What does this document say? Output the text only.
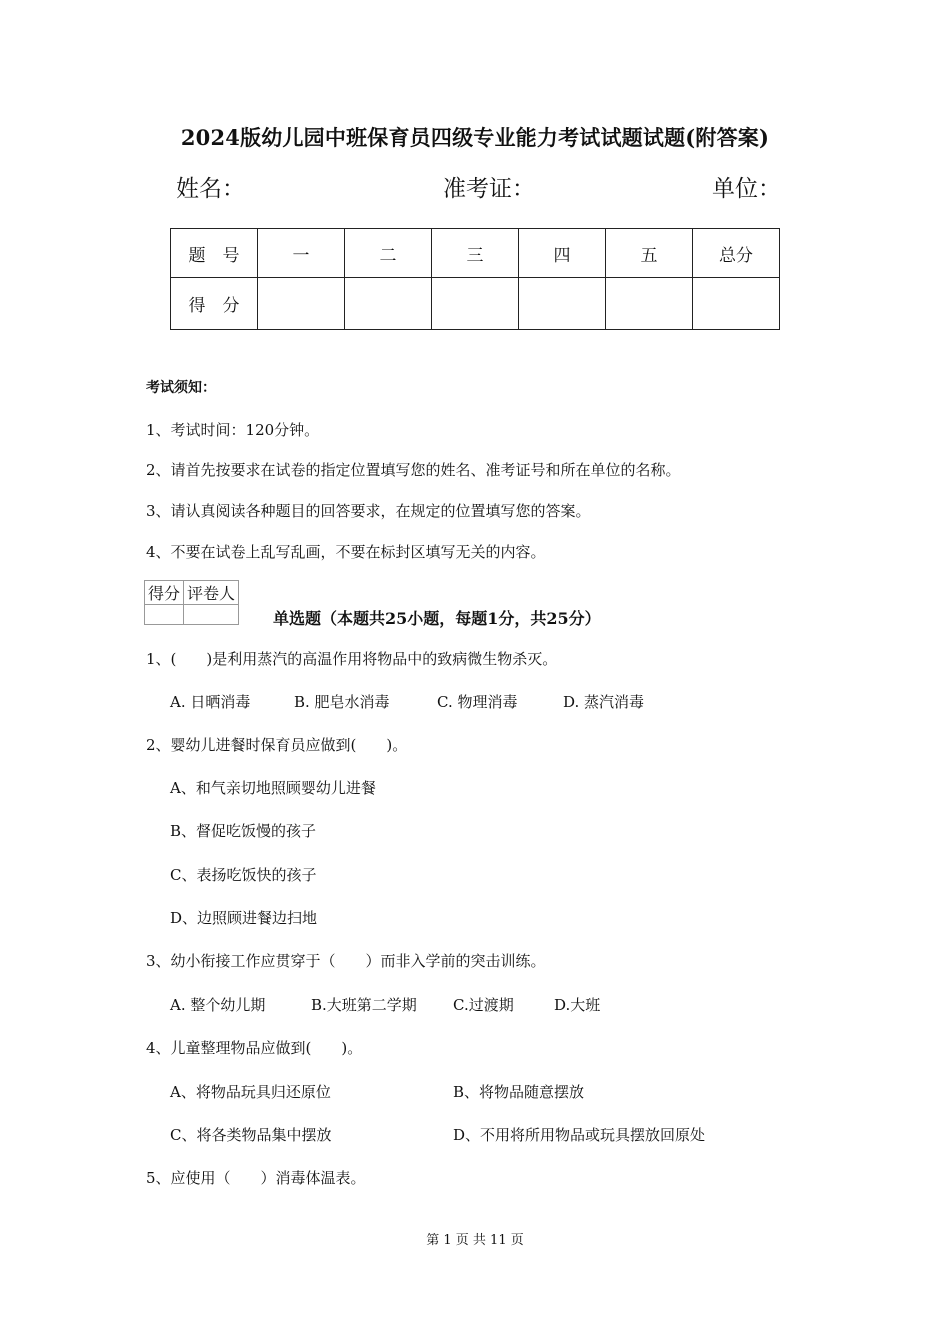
2024版幼儿园中班保育员四级专业能力考试试题试题(附答案)
姓名：	准考证：	单位：
题　号	一	二	三	四	五	总分
得　分						
考试须知：
1、考试时间：120分钟。
2、请首先按要求在试卷的指定位置填写您的姓名、准考证号和所在单位的名称。
3、请认真阅读各种题目的回答要求，在规定的位置填写您的答案。
4、不要在试卷上乱写乱画，不要在标封区填写无关的内容。
得分	评卷人

单选题（本题共25小题，每题1分，共25分）
1、(　　)是利用蒸汽的高温作用将物品中的致病微生物杀灭。
A. 日晒消毒	B. 肥皂水消毒	C. 物理消毒	D. 蒸汽消毒
2、婴幼儿进餐时保育员应做到(　　)。
A、和气亲切地照顾婴幼儿进餐
B、督促吃饭慢的孩子
C、表扬吃饭快的孩子
D、边照顾进餐边扫地
3、幼小衔接工作应贯穿于（　　）而非入学前的突击训练。
A. 整个幼儿期	B.大班第二学期 C.过渡期	D.大班
4、儿童整理物品应做到(　　)。
A、将物品玩具归还原位	B、将物品随意摆放
C、将各类物品集中摆放	D、不用将所用物品或玩具摆放回原处
5、应使用（　　）消毒体温表。
第 1 页 共 11 页
